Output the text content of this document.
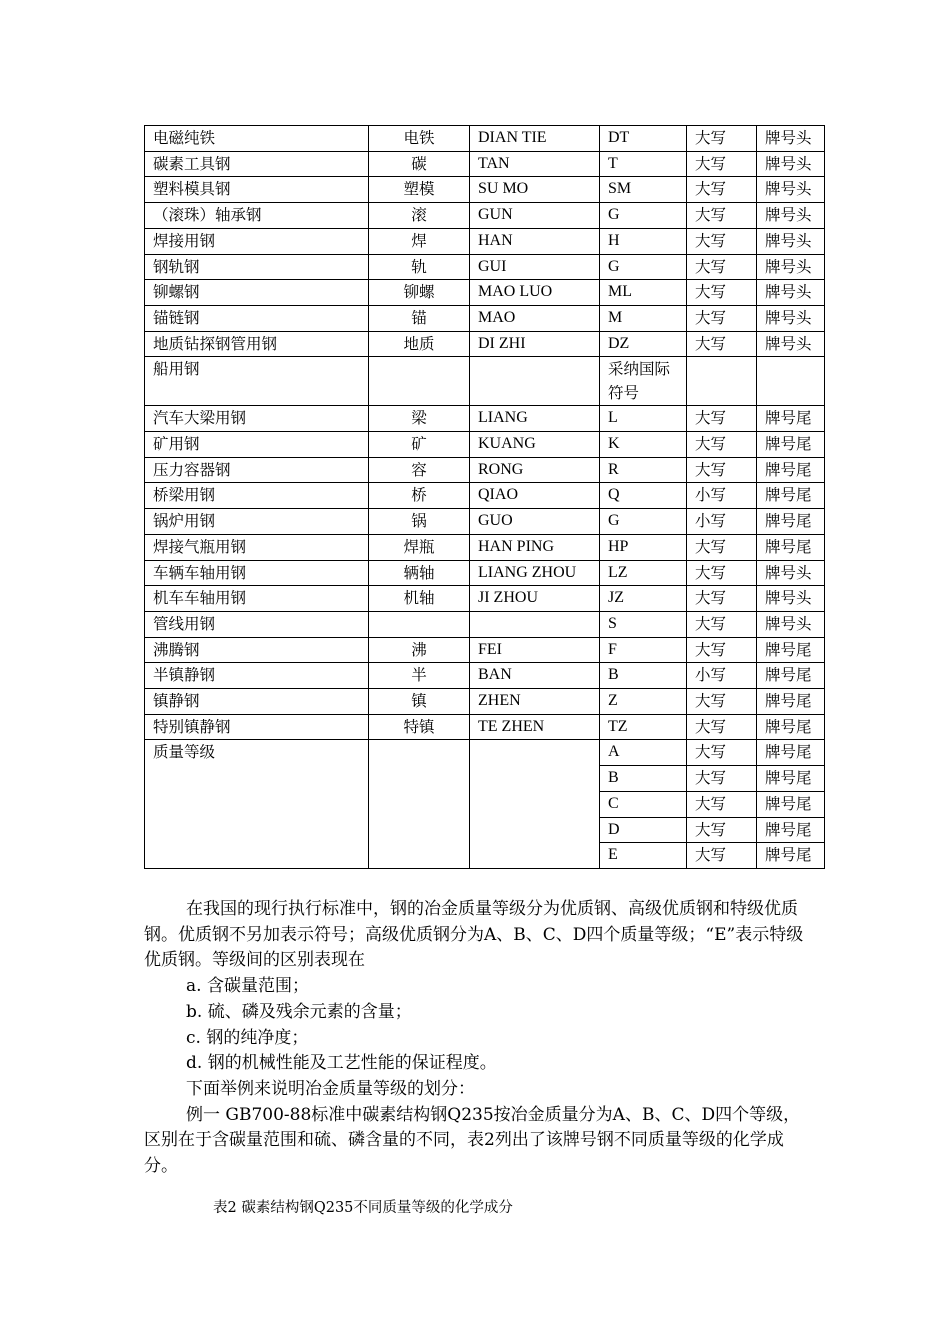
电磁纯铁	电铁	DIAN TIE	DT	大写	牌号头
碳素工具钢	碳	TAN	T	大写	牌号头
塑料模具钢	塑模	SU MO	SM	大写	牌号头
（滚珠）轴承钢	滚	GUN	G	大写	牌号头
焊接用钢	焊	HAN	H	大写	牌号头
钢轨钢	轨	GUI	G	大写	牌号头
铆螺钢	铆螺	MAO LUO	ML	大写	牌号头
锚链钢	锚	MAO	M	大写	牌号头
地质钻探钢管用钢	地质	DI ZHI	DZ	大写	牌号头
船用钢			采纳国际符号		
汽车大梁用钢	梁	LIANG	L	大写	牌号尾
矿用钢	矿	KUANG	K	大写	牌号尾
压力容器钢	容	RONG	R	大写	牌号尾
桥梁用钢	桥	QIAO	Q	小写	牌号尾
锅炉用钢	锅	GUO	G	小写	牌号尾
焊接气瓶用钢	焊瓶	HAN PING	HP	大写	牌号尾
车辆车轴用钢	辆轴	LIANG ZHOU	LZ	大写	牌号头
机车车轴用钢	机轴	JI ZHOU	JZ	大写	牌号头
管线用钢			S	大写	牌号头
沸腾钢	沸	FEI	F	大写	牌号尾
半镇静钢	半	BAN	B	小写	牌号尾
镇静钢	镇	ZHEN	Z	大写	牌号尾
特别镇静钢	特镇	TE ZHEN	TZ	大写	牌号尾
质量等级			A	大写	牌号尾
			B	大写	牌号尾
			C	大写	牌号尾
			D	大写	牌号尾
			E	大写	牌号尾

在我国的现行执行标准中，钢的冶金质量等级分为优质钢、高级优质钢和特级优质钢。优质钢不另加表示符号；高级优质钢分为A、B、C、D四个质量等级；“E”表示特级优质钢。等级间的区别表现在

a. 含碳量范围；

b. 硫、磷及残余元素的含量；

c. 钢的纯净度；

d. 钢的机械性能及工艺性能的保证程度。

下面举例来说明冶金质量等级的划分：

例一 GB700-88标准中碳素结构钢Q235按冶金质量分为A、B、C、D四个等级，区别在于含碳量范围和硫、磷含量的不同，表2列出了该牌号钢不同质量等级的化学成分。

表2 碳素结构钢Q235不同质量等级的化学成分
